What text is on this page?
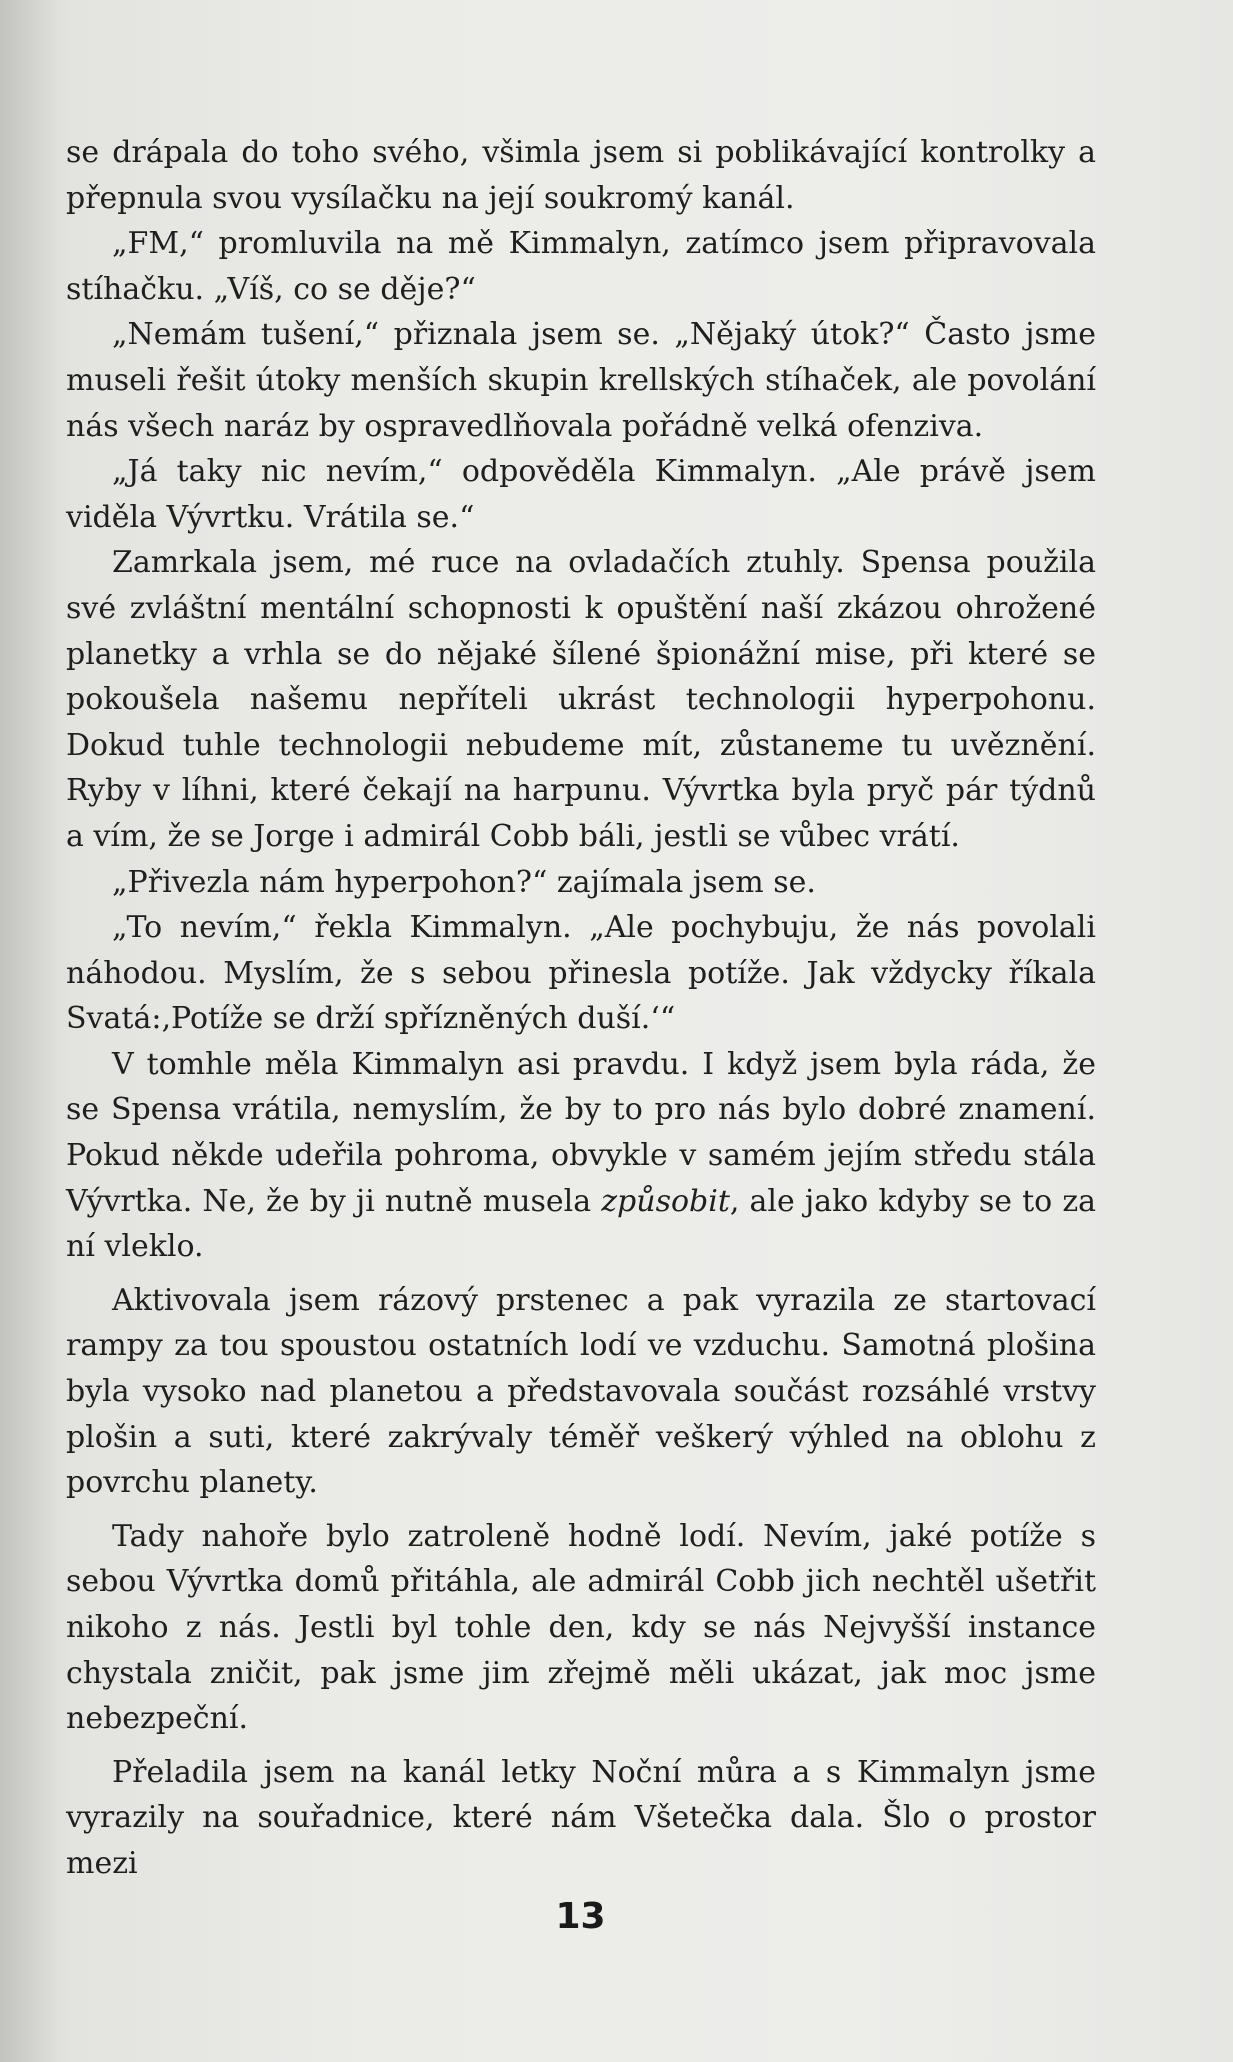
se drápala do toho svého, všimla jsem si poblikávající kontrolky a přepnula svou vysílačku na její soukromý kanál.

„FM,“ promluvila na mě Kimmalyn, zatímco jsem připravovala stíhačku. „Víš, co se děje?“

„Nemám tušení,“ přiznala jsem se. „Nějaký útok?“ Často jsme museli řešit útoky menších skupin krellských stíhaček, ale povolání nás všech naráz by ospravedlňovala pořádně velká ofenziva.

„Já taky nic nevím,“ odpověděla Kimmalyn. „Ale právě jsem viděla Vývrtku. Vrátila se.“

Zamrkala jsem, mé ruce na ovladačích ztuhly. Spensa použila své zvláštní mentální schopnosti k opuštění naší zkázou ohrožené planetky a vrhla se do nějaké šílené špionážní mise, při které se pokoušela našemu nepříteli ukrást technologii hyperpohonu. Dokud tuhle technologii nebudeme mít, zůstaneme tu uvěznění. Ryby v líhni, které čekají na harpunu. Vývrtka byla pryč pár týdnů a vím, že se Jorge i admirál Cobb báli, jestli se vůbec vrátí.

„Přivezla nám hyperpohon?“ zajímala jsem se.

„To nevím,“ řekla Kimmalyn. „Ale pochybuju, že nás povolali náhodou. Myslím, že s sebou přinesla potíže. Jak vždycky říkala Svatá:‚Potíže se drží spřízněných duší.‘“

V tomhle měla Kimmalyn asi pravdu. I když jsem byla ráda, že se Spensa vrátila, nemyslím, že by to pro nás bylo dobré znamení. Pokud někde udeřila pohroma, obvykle v samém jejím středu stála Vývrtka. Ne, že by ji nutně musela způsobit, ale jako kdyby se to za ní vleklo.

Aktivovala jsem rázový prstenec a pak vyrazila ze startovací rampy za tou spoustou ostatních lodí ve vzduchu. Samotná plošina byla vysoko nad planetou a představovala součást rozsáhlé vrstvy plošin a suti, které zakrývaly téměř veškerý výhled na oblohu z povrchu planety.

Tady nahoře bylo zatroleně hodně lodí. Nevím, jaké potíže s sebou Vývrtka domů přitáhla, ale admirál Cobb jich nechtěl ušetřit nikoho z nás. Jestli byl tohle den, kdy se nás Nejvyšší instance chystala zničit, pak jsme jim zřejmě měli ukázat, jak moc jsme nebezpeční.

Přeladila jsem na kanál letky Noční můra a s Kimmalyn jsme vyrazily na souřadnice, které nám Všetečka dala. Šlo o prostor mezi

13
